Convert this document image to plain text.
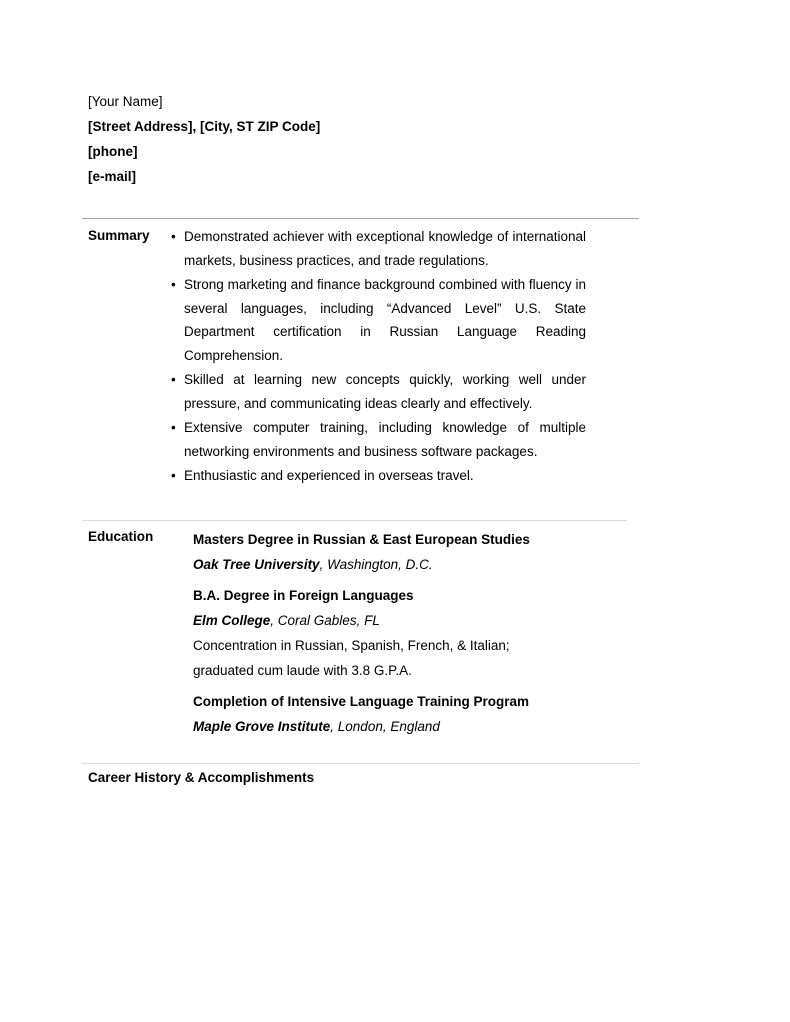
[Your Name]
[Street Address], [City, ST ZIP Code]
[phone]
[e-mail]
Summary • Demonstrated achiever with exceptional knowledge of international markets, business practices, and trade regulations.
• Strong marketing and finance background combined with fluency in several languages, including “Advanced Level” U.S. State Department certification in Russian Language Reading Comprehension.
• Skilled at learning new concepts quickly, working well under pressure, and communicating ideas clearly and effectively.
• Extensive computer training, including knowledge of multiple networking environments and business software packages.
• Enthusiastic and experienced in overseas travel.
Education	Masters Degree in Russian & East European Studies
Oak Tree University, Washington, D.C.
B.A. Degree in Foreign Languages
Elm College, Coral Gables, FL
Concentration in Russian, Spanish, French, & Italian;
graduated cum laude with 3.8 G.P.A.
Completion of Intensive Language Training Program
Maple Grove Institute, London, England
Career History & Accomplishments
